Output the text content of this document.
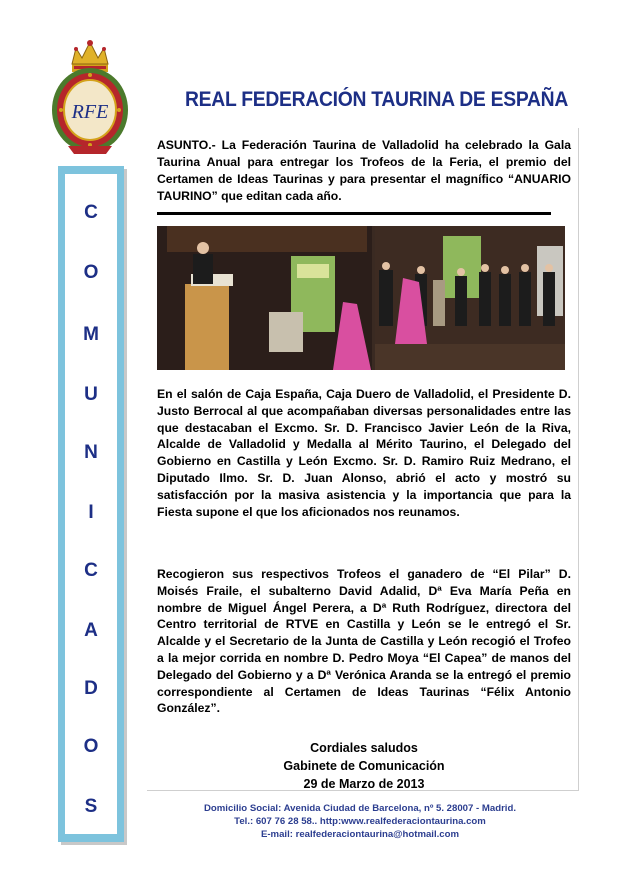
RFE
REAL FEDERACIÓN TAURINA DE ESPAÑA
C
O
M
U
N
I
C
A
D
O
S
ASUNTO.- La Federación Taurina de Valladolid ha celebrado la Gala Taurina Anual para entregar los Trofeos de la Feria, el premio del Certamen de Ideas Taurinas y para presentar el magnífico “ANUARIO TAURINO” que editan cada año.
En el salón de Caja España, Caja Duero de Valladolid, el Presidente D. Justo Berrocal al que acompañaban diversas personalidades entre las que destacaban el Excmo. Sr. D. Francisco Javier León de la Riva, Alcalde de Valladolid y Medalla al Mérito Taurino, el Delegado del Gobierno en Castilla y León Excmo. Sr. D. Ramiro Ruiz Medrano, el Diputado Ilmo. Sr. D. Juan Alonso, abrió el acto y mostró su satisfacción por la masiva asistencia y la importancia que para la Fiesta supone el que los aficionados nos reunamos.
Recogieron sus respectivos Trofeos el ganadero de “El Pilar” D. Moisés Fraile, el subalterno David Adalid, Dª Eva María Peña en nombre de Miguel Ángel Perera, a Dª Ruth Rodríguez, directora del Centro territorial de RTVE en Castilla y León se le entregó el Sr. Alcalde y el Secretario de la Junta de Castilla y León recogió el Trofeo a la mejor corrida en nombre D. Pedro Moya “El Capea” de manos del Delegado del Gobierno y a Dª Verónica Aranda se la entregó el premio correspondiente al Certamen de Ideas Taurinas “Félix Antonio González”.
Cordiales saludos
Gabinete de Comunicación
29 de Marzo de 2013
Domicilio Social: Avenida Ciudad de Barcelona, nº 5. 28007 - Madrid.
Tel.: 607 76 28 58.. http:www.realfederaciontaurina.com
E-mail: realfederaciontaurina@hotmail.com
